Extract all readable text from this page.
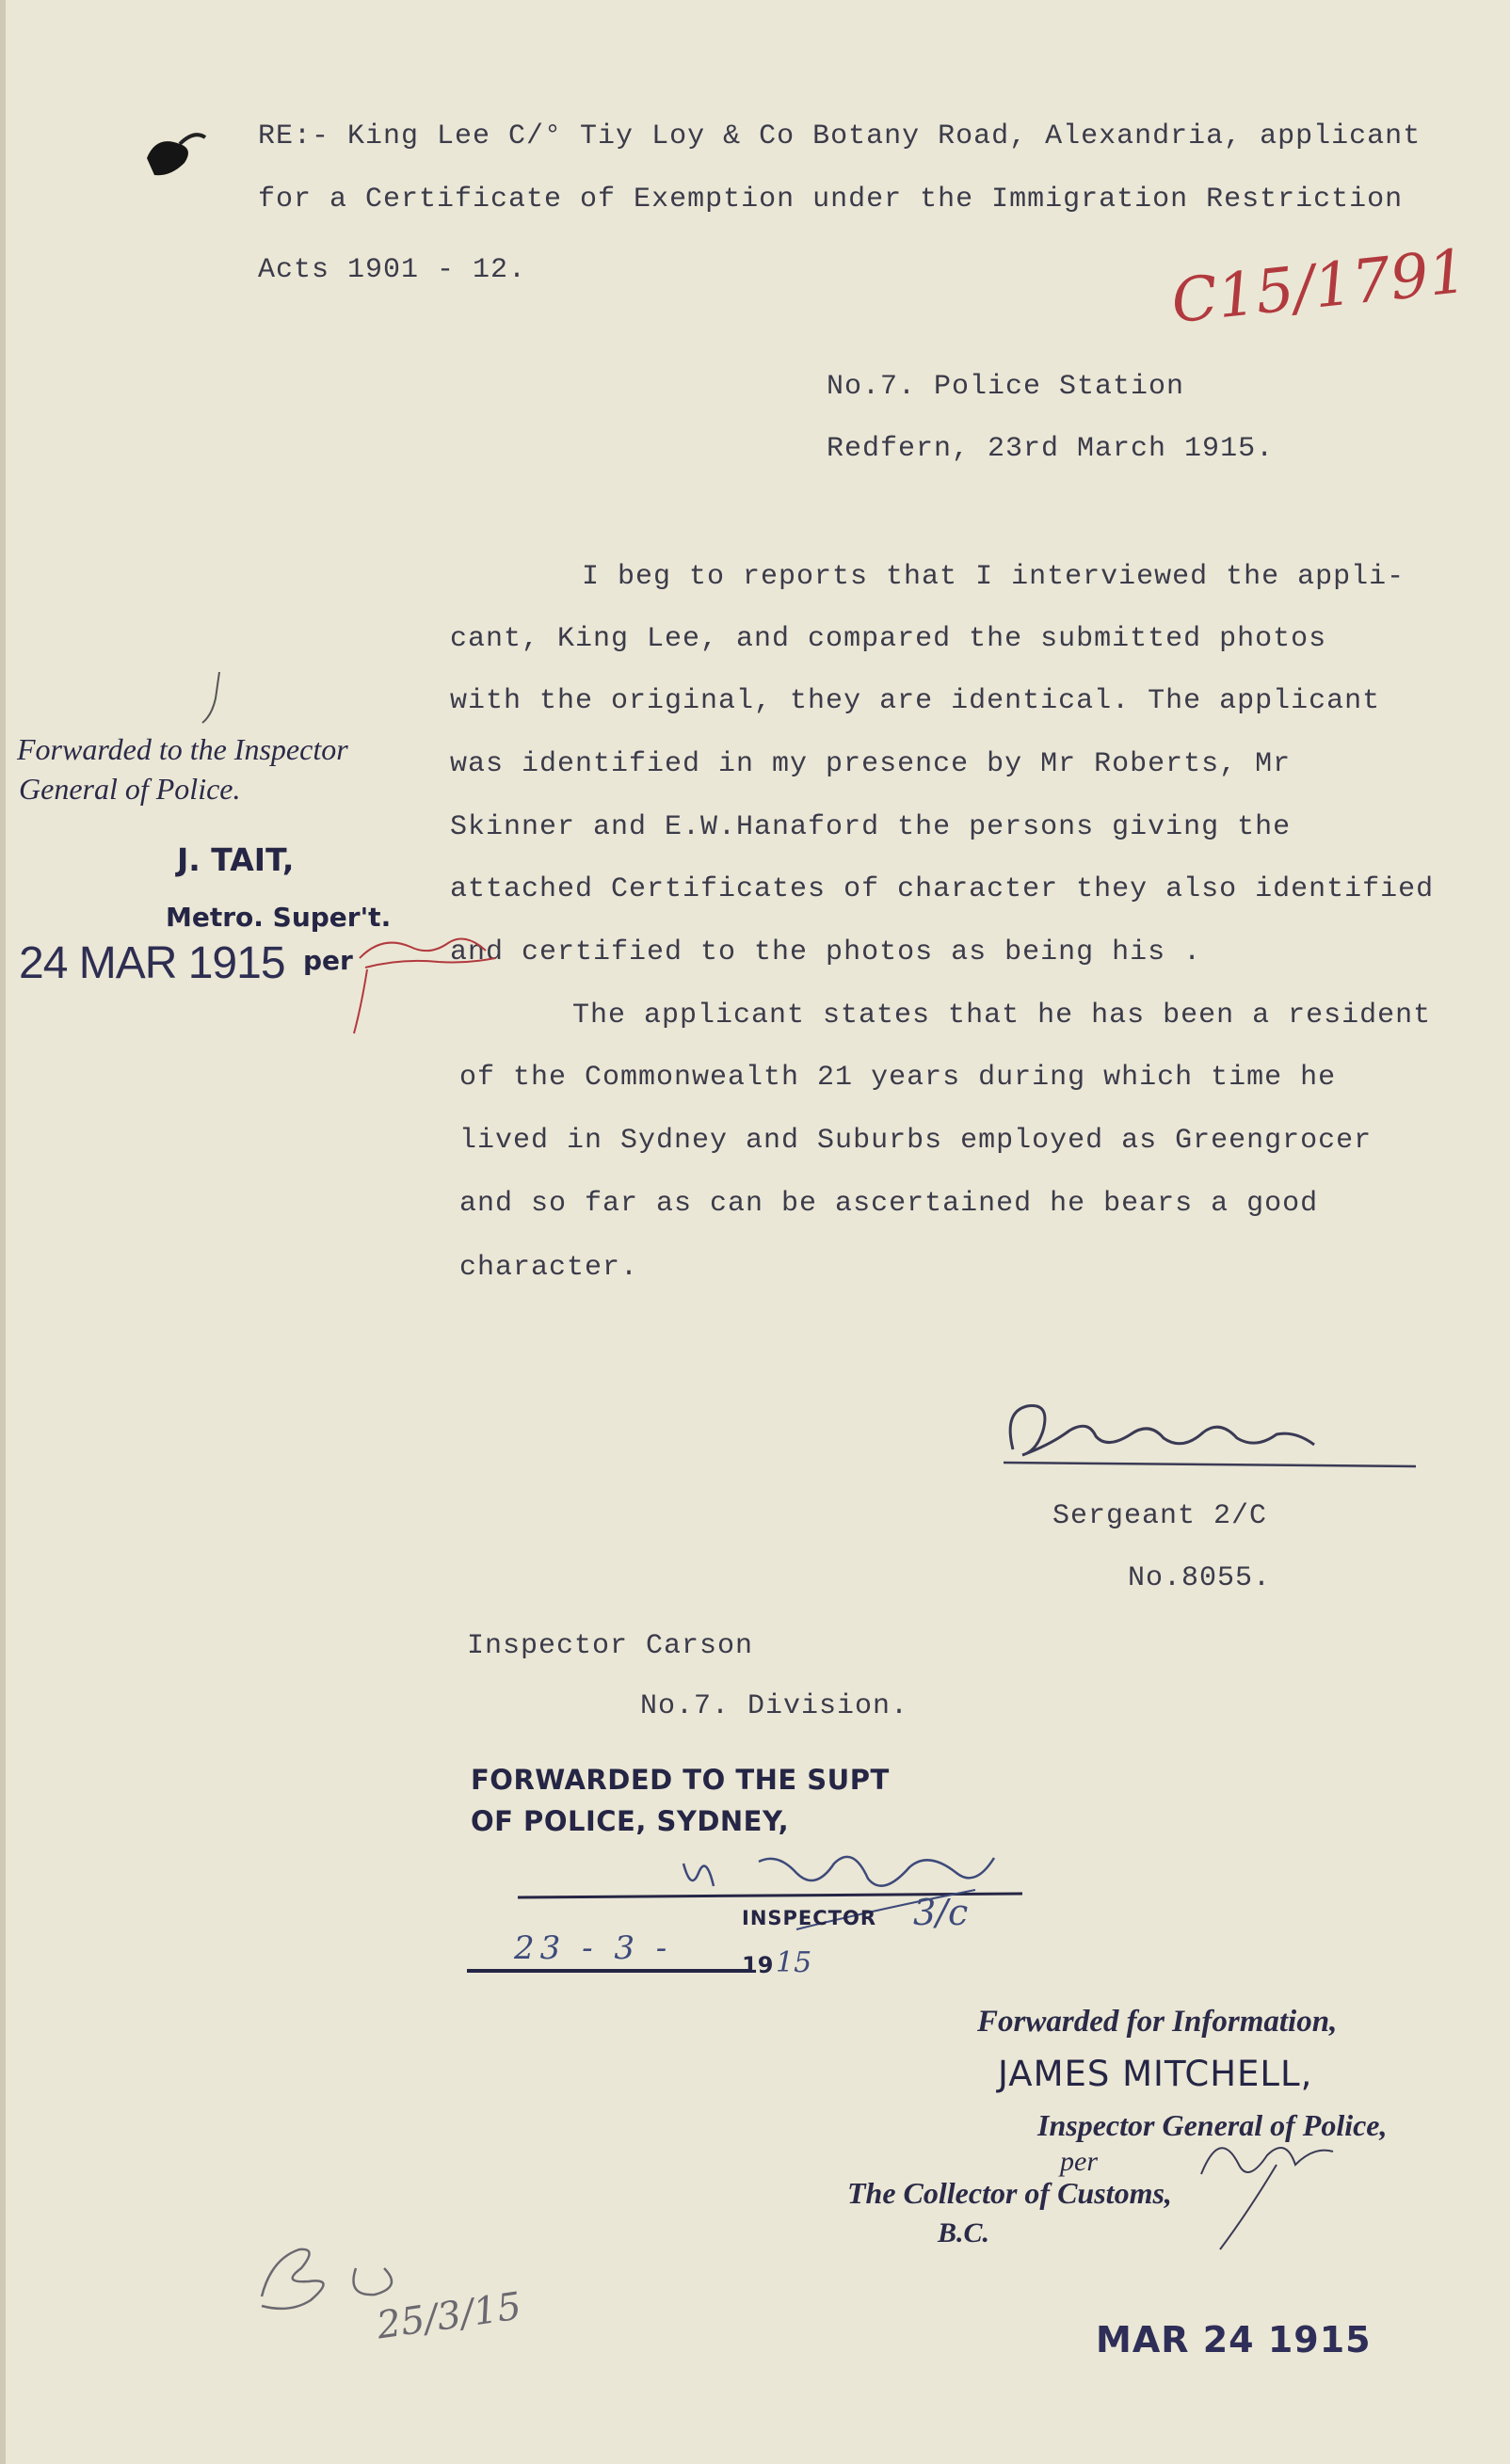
RE:- King Lee C/° Tiy Loy & Co Botany Road, Alexandria, applicant
for a Certificate of Exemption under the Immigration Restriction
Acts 1901 - 12.	C15/1791
No.7. Police Station
Redfern, 23rd March 1915.
I beg to reports that I interviewed the appli-
cant, King Lee, and compared the submitted photos
with the original, they are identical. The applicant
was identified in my presence by Mr Roberts, Mr
Skinner and E.W.Hanaford the persons giving the
attached Certificates of character they also identified
and certified to the photos as being his .
The applicant states that he has been a resident
of the Commonwealth 21 years during which time he
lived in Sydney and Suburbs employed as Greengrocer
and so far as can be ascertained he bears a good
character.
Forwarded to the Inspector
General of Police.
J. TAIT,
Metro. Super't.
24 MAR 1915 per
Sergeant 2/C
No.8055.
Inspector Carson
No.7. Division.
FORWARDED TO THE SUPT
OF POLICE, SYDNEY,
INSPECTOR 3/c
23 - 3 -	19 15
Forwarded for Information,
JAMES MITCHELL,
Inspector General of Police,
per
The Collector of Customs,
B.C.
25/3/15	MAR 24 1915
